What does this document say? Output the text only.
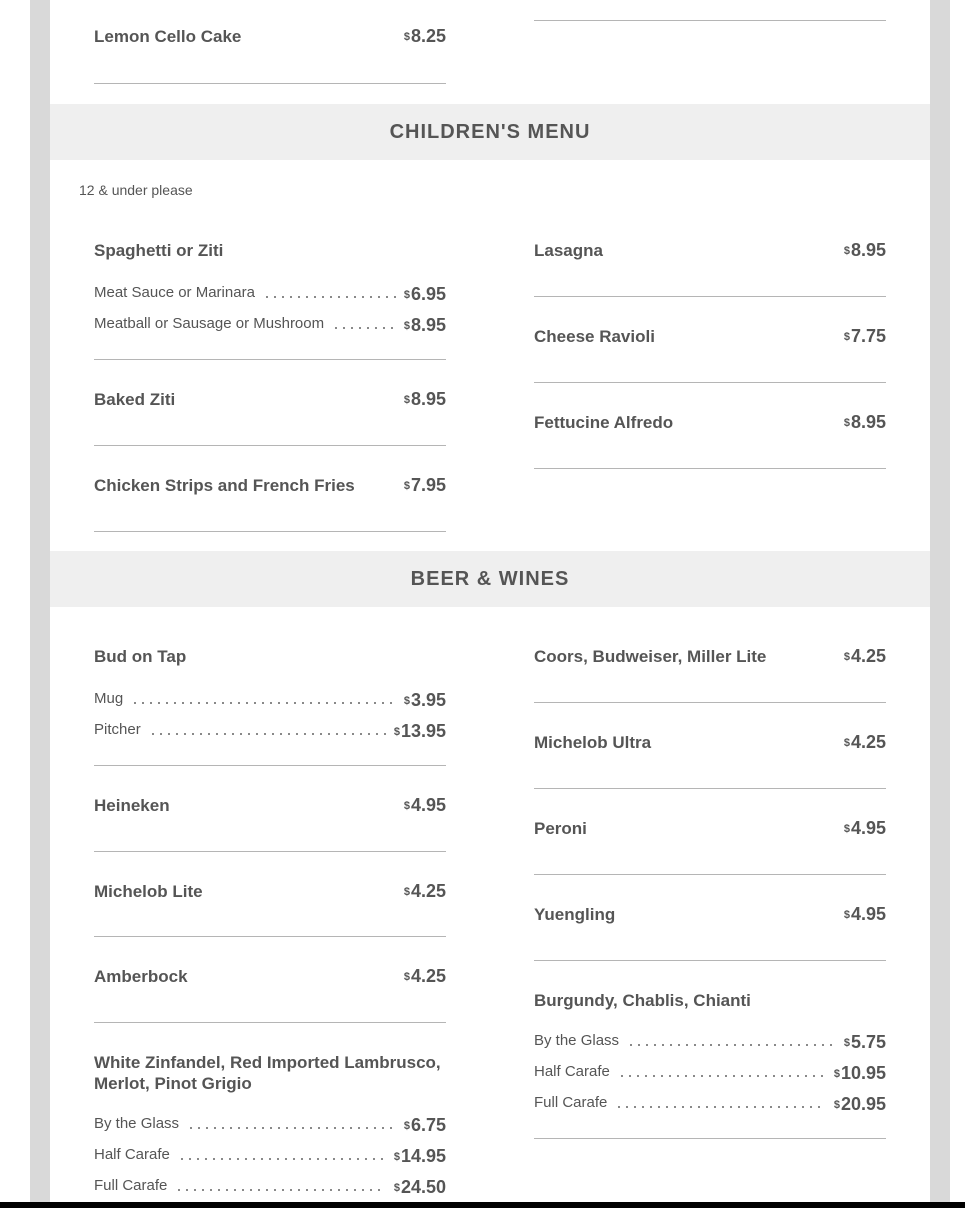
Lemon Cello Cake	$8.25
CHILDREN'S MENU
12 & under please
Spaghetti or Ziti
Meat Sauce or Marinara	$6.95
Meatball or Sausage or Mushroom	$8.95
Baked Ziti	$8.95
Chicken Strips and French Fries	$7.95
Lasagna	$8.95
Cheese Ravioli	$7.75
Fettucine Alfredo	$8.95
BEER & WINES
Bud on Tap
Mug	$3.95
Pitcher	$13.95
Heineken	$4.95
Michelob Lite	$4.25
Amberbock	$4.25
White Zinfandel, Red Imported Lambrusco, Merlot, Pinot Grigio
By the Glass	$6.75
Half Carafe	$14.95
Full Carafe	$24.50
Coors, Budweiser, Miller Lite	$4.25
Michelob Ultra	$4.25
Peroni	$4.95
Yuengling	$4.95
Burgundy, Chablis, Chianti
By the Glass	$5.75
Half Carafe	$10.95
Full Carafe	$20.95
